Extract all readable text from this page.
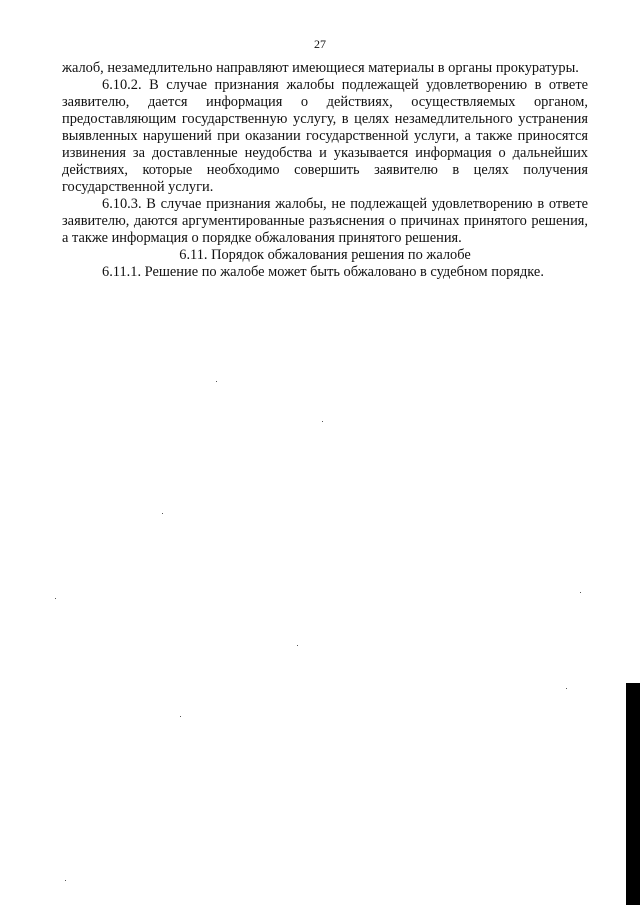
27

жалоб, незамедлительно направляют имеющиеся материалы в органы прокуратуры.

6.10.2. В случае признания жалобы подлежащей удовлетворению в ответе заявителю, дается информация о действиях, осуществляемых органом, предоставляющим государственную услугу, в целях незамедлительного устранения выявленных нарушений при оказании государственной услуги, а также приносятся извинения за доставленные неудобства и указывается информация о дальнейших действиях, которые необходимо совершить заявителю в целях получения государственной услуги.

6.10.3. В случае признания жалобы, не подлежащей удовлетворению в ответе заявителю, даются аргументированные разъяснения о причинах принятого решения, а также информация о порядке обжалования принятого решения.

6.11. Порядок обжалования решения по жалобе

6.11.1. Решение по жалобе может быть обжаловано в судебном порядке.
